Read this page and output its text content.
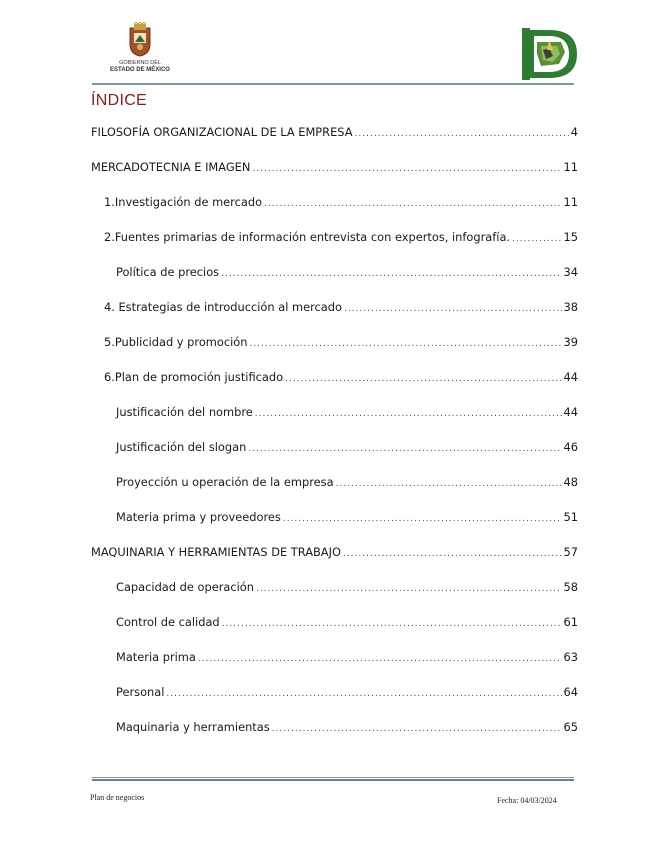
GOBIERNO DEL
ESTADO DE MÉXICO
ÍNDICE
FILOSOFÍA ORGANIZACIONAL DE LA EMPRESA .....	4
MERCADOTECNIA E IMAGEN .....	11
1.Investigación de mercado .....	11
2.Fuentes primarias de información entrevista con expertos, infografía. .....	15
Política de precios .....	34
4. Estrategias de introducción al mercado .....	38
5.Publicidad y promoción .....	39
6.Plan de promoción justificado .....	44
Justificación del nombre .....	44
Justificación del slogan .....	46
Proyección u operación de la empresa .....	48
Materia prima y proveedores .....	51
MAQUINARIA Y HERRAMIENTAS DE TRABAJO .....	57
Capacidad de operación .....	58
Control de calidad .....	61
Materia prima .....	63
Personal .....	64
Maquinaria y herramientas .....	65
Plan de negocios	Fecha: 04/03/2024
